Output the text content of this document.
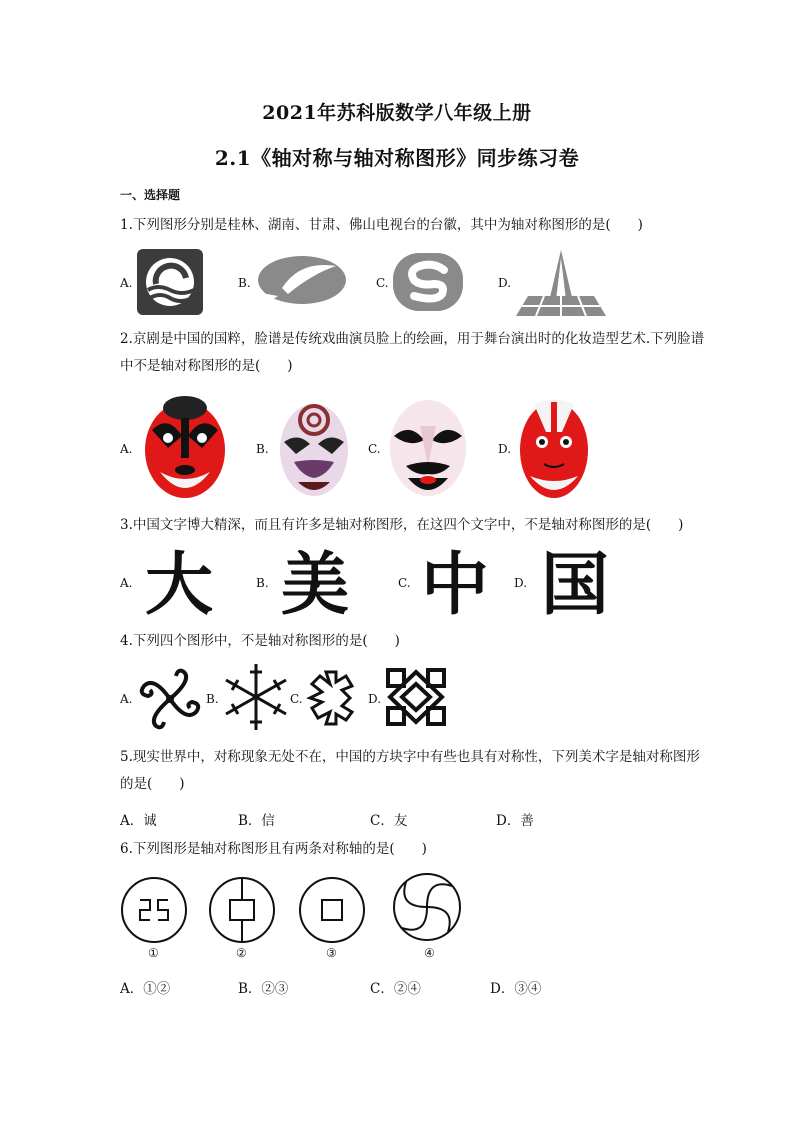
2021年苏科版数学八年级上册
2.1《轴对称与轴对称图形》同步练习卷
一、选择题
1.下列图形分别是桂林、湖南、甘肃、佛山电视台的台徽，其中为轴对称图形的是(　　)
A.	B.	C.	D.
2.京剧是中国的国粹，脸谱是传统戏曲演员脸上的绘画，用于舞台演出时的化妆造型艺术.下列脸谱中不是轴对称图形的是(　　)
A.	B.	C.	D.
3.中国文字博大精深，而且有许多是轴对称图形，在这四个文字中，不是轴对称图形的是(　　)
A. 大	B. 美	C. 中 D. 国
4.下列四个图形中，不是轴对称图形的是(　　)
A.	B.	C.	D.
5.现实世界中，对称现象无处不在，中国的方块字中有些也具有对称性，下列美术字是轴对称图形的是(　　)
A．诚	B．信	C．友	D．善
6.下列图形是轴对称图形且有两条对称轴的是(　　)
①	②	③	④
A．①②	B．②③	C．②④	D．③④
